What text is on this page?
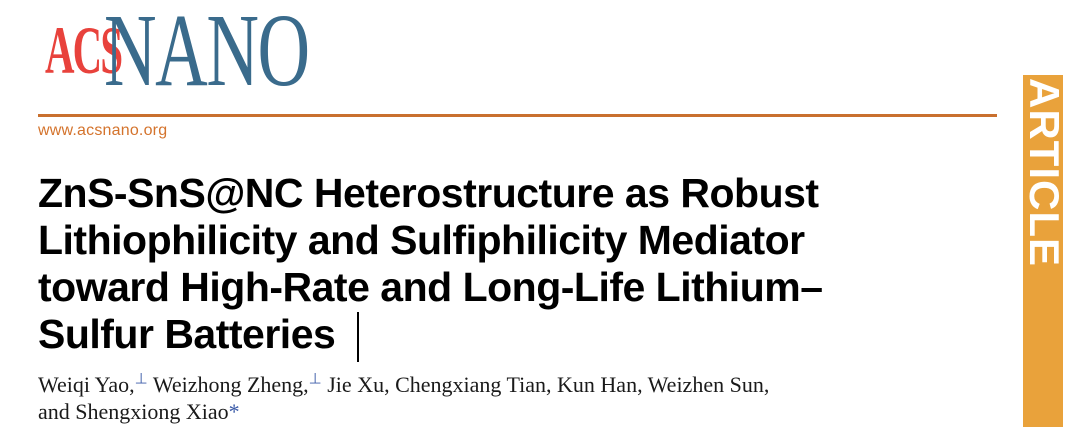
ACS
NANO
www.acsnano.org	ARTICLE
ZnS-SnS@NC Heterostructure as Robust
Lithiophilicity and Sulfiphilicity Mediator
toward High-Rate and Long-Life Lithium–
Sulfur Batteries
Weiqi Yao,⊥ Weizhong Zheng,⊥ Jie Xu, Chengxiang Tian, Kun Han, Weizhen Sun,
and Shengxiong Xiao*
